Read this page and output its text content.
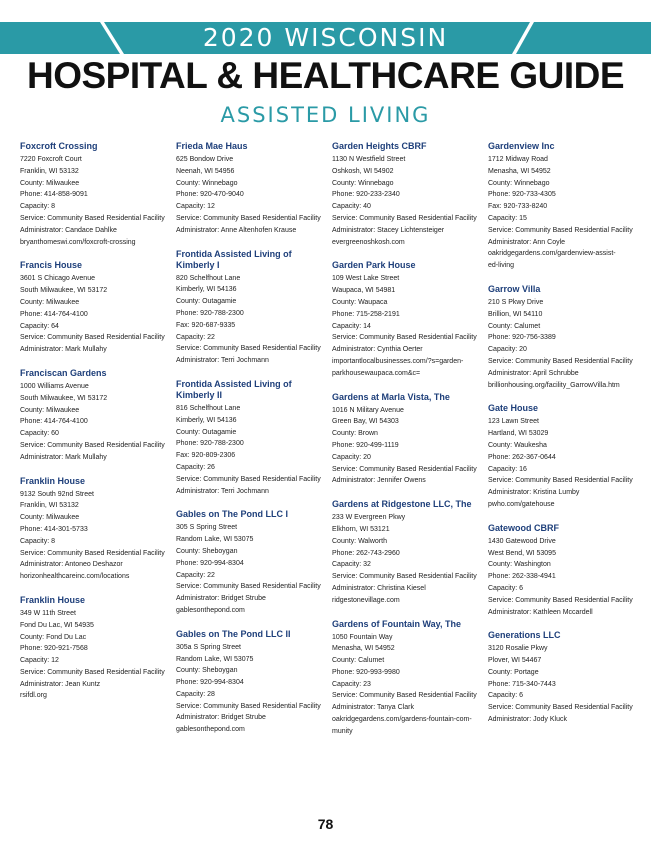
2020 WISCONSIN
HOSPITAL & HEALTHCARE GUIDE
ASSISTED LIVING
Foxcroft Crossing
7220 Foxcroft Court
Franklin, WI 53132
County: Milwaukee
Phone: 414-858-9091
Capacity: 8
Service: Community Based Residential Facility
Administrator: Candace Dahlke
bryanthomeswi.com/foxcroft-crossing
Francis House
3601 S Chicago Avenue
South Milwaukee, WI 53172
County: Milwaukee
Phone: 414-764-4100
Capacity: 64
Service: Community Based Residential Facility
Administrator: Mark Mullahy
Franciscan Gardens
1000 Williams Avenue
South Milwaukee, WI 53172
County: Milwaukee
Phone: 414-764-4100
Capacity: 60
Service: Community Based Residential Facility
Administrator: Mark Mullahy
Franklin House
9132 South 92nd Street
Franklin, WI 53132
County: Milwaukee
Phone: 414-301-5733
Capacity: 8
Service: Community Based Residential Facility
Administrator: Antoneo Deshazor
horizonhealthcareinc.com/locations
Franklin House
349 W 11th Street
Fond Du Lac, WI 54935
County: Fond Du Lac
Phone: 920-921-7568
Capacity: 12
Service: Community Based Residential Facility
Administrator: Jean Kuntz
rsifdl.org
Frieda Mae Haus
625 Bondow Drive
Neenah, WI 54956
County: Winnebago
Phone: 920-470-9040
Capacity: 12
Service: Community Based Residential Facility
Administrator: Anne Altenhofen Krause
Frontida Assisted Living of Kimberly I
820 Schelfhout Lane
Kimberly, WI 54136
County: Outagamie
Phone: 920-788-2300
Fax: 920-687-9335
Capacity: 22
Service: Community Based Residential Facility
Administrator: Terri Jochmann
Frontida Assisted Living of Kimberly II
816 Schelfhout Lane
Kimberly, WI 54136
County: Outagamie
Phone: 920-788-2300
Fax: 920-809-2306
Capacity: 26
Service: Community Based Residential Facility
Administrator: Terri Jochmann
Gables on The Pond LLC I
305 S Spring Street
Random Lake, WI 53075
County: Sheboygan
Phone: 920-994-8304
Capacity: 22
Service: Community Based Residential Facility
Administrator: Bridget Strube
gablesonthepond.com
Gables on The Pond LLC II
305a S Spring Street
Random Lake, WI 53075
County: Sheboygan
Phone: 920-994-8304
Capacity: 28
Service: Community Based Residential Facility
Administrator: Bridget Strube
gablesonthepond.com
Garden Heights CBRF
1130 N Westfield Street
Oshkosh, WI 54902
County: Winnebago
Phone: 920-233-2340
Capacity: 40
Service: Community Based Residential Facility
Administrator: Stacey Lichtensteiger
evergreenoshkosh.com
Garden Park House
109 West Lake Street
Waupaca, WI 54981
County: Waupaca
Phone: 715-258-2191
Capacity: 14
Service: Community Based Residential Facility
Administrator: Cynthia Oerter
importantlocalbusinesses.com/?s=garden-
parkhousewaupaca.com&c=
Gardens at Marla Vista, The
1016 N Military Avenue
Green Bay, WI 54303
County: Brown
Phone: 920-499-1119
Capacity: 20
Service: Community Based Residential Facility
Administrator: Jennifer Owens
Gardens at Ridgestone LLC, The
233 W Evergreen Pkwy
Elkhorn, WI 53121
County: Walworth
Phone: 262-743-2960
Capacity: 32
Service: Community Based Residential Facility
Administrator: Christina Kiesel
ridgestonevillage.com
Gardens of Fountain Way, The
1050 Fountain Way
Menasha, WI 54952
County: Calumet
Phone: 920-993-9980
Capacity: 23
Service: Community Based Residential Facility
Administrator: Tanya Clark
oakridgegardens.com/gardens-fountain-com-
munity
Gardenview Inc
1712 Midway Road
Menasha, WI 54952
County: Winnebago
Phone: 920-733-4305
Fax: 920-733-8240
Capacity: 15
Service: Community Based Residential Facility
Administrator: Ann Coyle
oakridgegardens.com/gardenview-assist-
ed-living
Garrow Villa
210 S Pkwy Drive
Brillion, WI 54110
County: Calumet
Phone: 920-756-3389
Capacity: 20
Service: Community Based Residential Facility
Administrator: April Schrubbe
brillionhousing.org/facility_GarrowVilla.htm
Gate House
123 Lawn Street
Hartland, WI 53029
County: Waukesha
Phone: 262-367-0644
Capacity: 16
Service: Community Based Residential Facility
Administrator: Kristina Lumby
pwho.com/gatehouse
Gatewood CBRF
1430 Gatewood Drive
West Bend, WI 53095
County: Washington
Phone: 262-338-4941
Capacity: 6
Service: Community Based Residential Facility
Administrator: Kathleen Mccardell
Generations LLC
3120 Rosalie Pkwy
Plover, WI 54467
County: Portage
Phone: 715-340-7443
Capacity: 6
Service: Community Based Residential Facility
Administrator: Jody Kluck
78
